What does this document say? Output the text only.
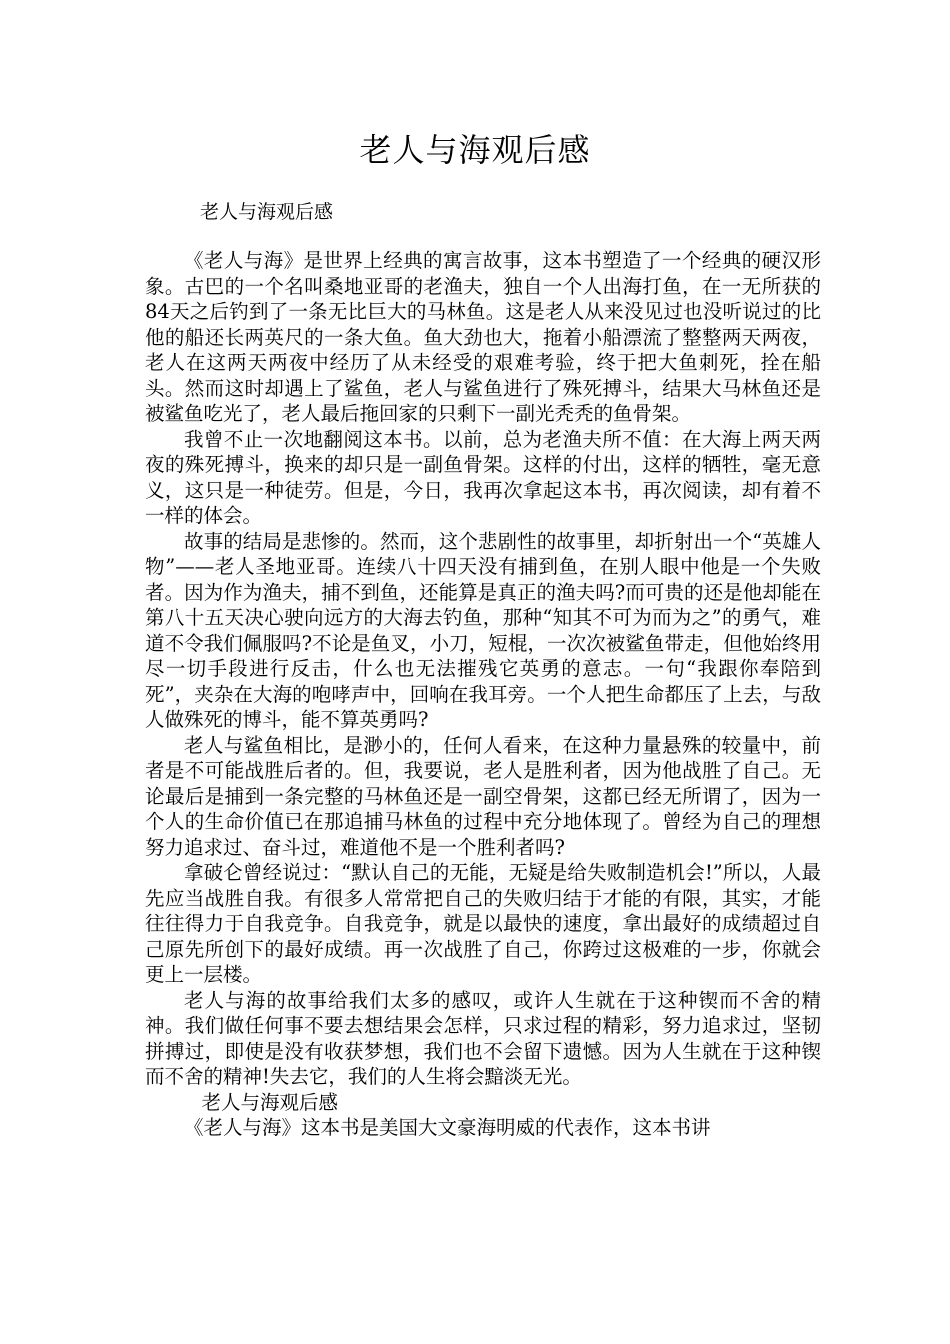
老人与海观后感
老人与海观后感

《老人与海》是世界上经典的寓言故事，这本书塑造了一个经典的硬汉形象。古巴的一个名叫桑地亚哥的老渔夫，独自一个人出海打鱼，在一无所获的84天之后钓到了一条无比巨大的马林鱼。这是老人从来没见过也没听说过的比他的船还长两英尺的一条大鱼。鱼大劲也大，拖着小船漂流了整整两天两夜，老人在这两天两夜中经历了从未经受的艰难考验，终于把大鱼刺死，拴在船头。然而这时却遇上了鲨鱼，老人与鲨鱼进行了殊死搏斗，结果大马林鱼还是被鲨鱼吃光了，老人最后拖回家的只剩下一副光秃秃的鱼骨架。

我曾不止一次地翻阅这本书。以前，总为老渔夫所不值：在大海上两天两夜的殊死搏斗，换来的却只是一副鱼骨架。这样的付出，这样的牺牲，毫无意义，这只是一种徒劳。但是，今日，我再次拿起这本书，再次阅读，却有着不一样的体会。

故事的结局是悲惨的。然而，这个悲剧性的故事里，却折射出一个“英雄人物”——老人圣地亚哥。连续八十四天没有捕到鱼，在别人眼中他是一个失败者。因为作为渔夫，捕不到鱼，还能算是真正的渔夫吗?而可贵的还是他却能在第八十五天决心驶向远方的大海去钓鱼，那种“知其不可为而为之”的勇气，难道不令我们佩服吗?不论是鱼叉，小刀，短棍，一次次被鲨鱼带走，但他始终用尽一切手段进行反击，什么也无法摧残它英勇的意志。一句“我跟你奉陪到死”，夹杂在大海的咆哮声中，回响在我耳旁。一个人把生命都压了上去，与敌人做殊死的博斗，能不算英勇吗?

老人与鲨鱼相比，是渺小的，任何人看来，在这种力量悬殊的较量中，前者是不可能战胜后者的。但，我要说，老人是胜利者，因为他战胜了自己。无论最后是捕到一条完整的马林鱼还是一副空骨架，这都已经无所谓了，因为一个人的生命价值已在那追捕马林鱼的过程中充分地体现了。曾经为自己的理想努力追求过、奋斗过，难道他不是一个胜利者吗?

拿破仑曾经说过：“默认自己的无能，无疑是给失败制造机会!”所以，人最先应当战胜自我。有很多人常常把自己的失败归结于才能的有限，其实，才能往往得力于自我竞争。自我竞争，就是以最快的速度，拿出最好的成绩超过自己原先所创下的最好成绩。再一次战胜了自己，你跨过这极难的一步，你就会更上一层楼。

老人与海的故事给我们太多的感叹，或许人生就在于这种锲而不舍的精神。我们做任何事不要去想结果会怎样，只求过程的精彩，努力追求过，坚韧拼搏过，即使是没有收获梦想，我们也不会留下遗憾。因为人生就在于这种锲而不舍的精神!失去它，我们的人生将会黯淡无光。

老人与海观后感

《老人与海》这本书是美国大文豪海明威的代表作，这本书讲
